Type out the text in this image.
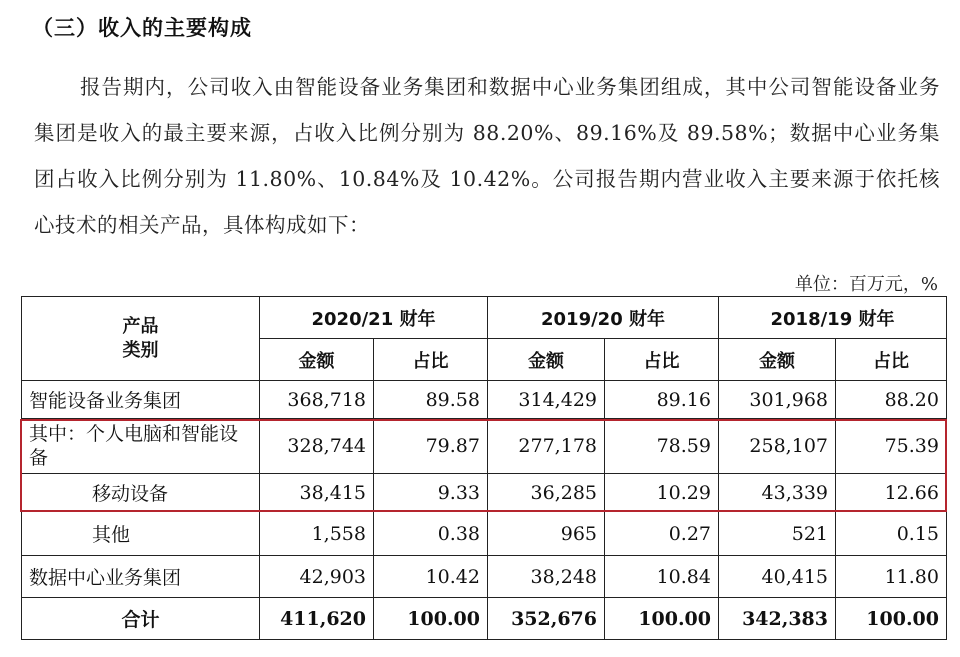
（三）收入的主要构成

报告期内，公司收入由智能设备业务集团和数据中心业务集团组成，其中公司智能设备业务集团是收入的最主要来源，占收入比例分别为 88.20%、89.16%及 89.58%；数据中心业务集团占收入比例分别为 11.80%、10.84%及 10.42%。公司报告期内营业收入主要来源于依托核心技术的相关产品，具体构成如下：

单位：百万元，%
产品类别	2020/21 财年		2019/20 财年		2018/19 财年	
	金额	占比	金额	占比	金额	占比
智能设备业务集团	368,718	89.58	314,429	89.16	301,968	88.20
其中：个人电脑和智能设备	328,744	79.87	277,178	78.59	258,107	75.39
移动设备	38,415	9.33	36,285	10.29	43,339	12.66
其他	1,558	0.38	965	0.27	521	0.15
数据中心业务集团	42,903	10.42	38,248	10.84	40,415	11.80
合计	411,620	100.00	352,676	100.00	342,383	100.00
